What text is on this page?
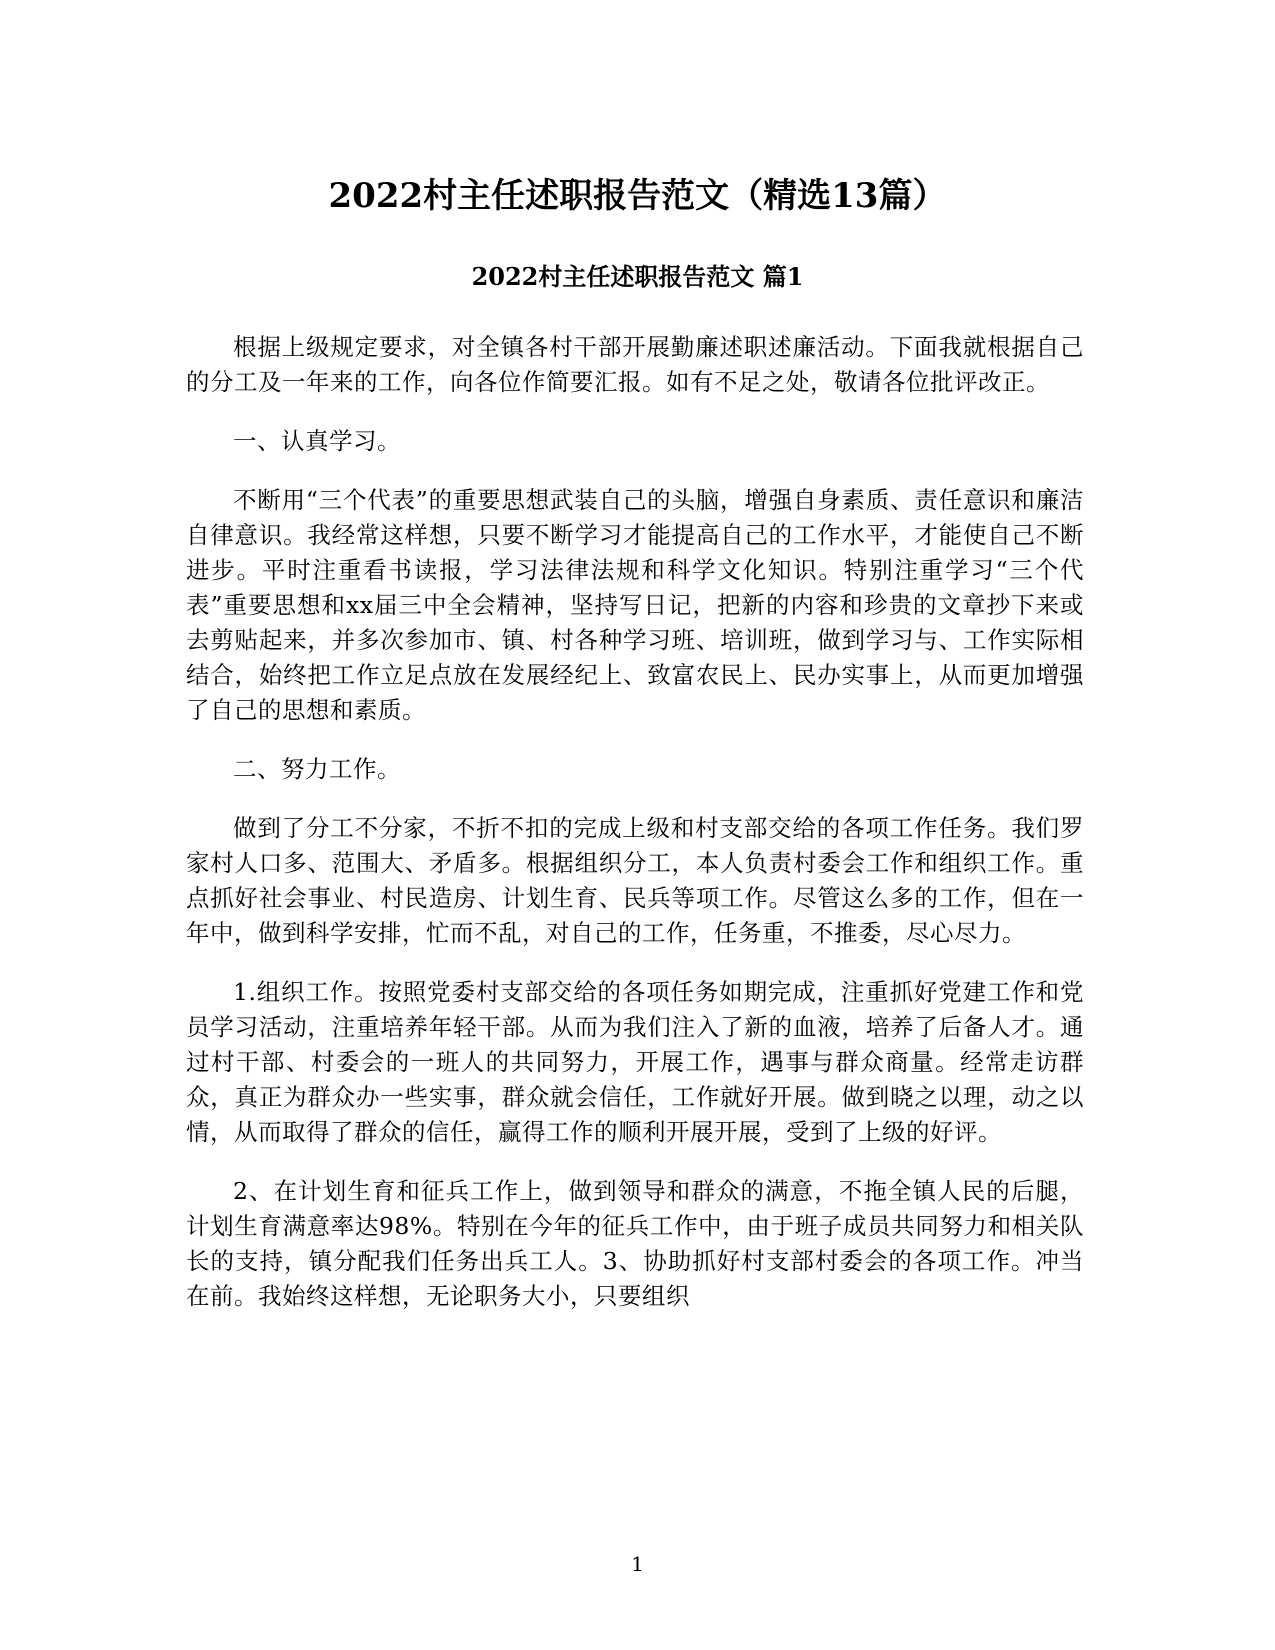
2022村主任述职报告范文（精选13篇）
2022村主任述职报告范文 篇1

根据上级规定要求，对全镇各村干部开展勤廉述职述廉活动。下面我就根据自己的分工及一年来的工作，向各位作简要汇报。如有不足之处，敬请各位批评改正。

一、认真学习。

不断用“三个代表”的重要思想武装自己的头脑，增强自身素质、责任意识和廉洁自律意识。我经常这样想，只要不断学习才能提高自己的工作水平，才能使自己不断进步。平时注重看书读报，学习法律法规和科学文化知识。特别注重学习“三个代表”重要思想和xx届三中全会精神，坚持写日记，把新的内容和珍贵的文章抄下来或去剪贴起来，并多次参加市、镇、村各种学习班、培训班，做到学习与、工作实际相结合，始终把工作立足点放在发展经纪上、致富农民上、民办实事上，从而更加增强了自己的思想和素质。

二、努力工作。

做到了分工不分家，不折不扣的完成上级和村支部交给的各项工作任务。我们罗家村人口多、范围大、矛盾多。根据组织分工，本人负责村委会工作和组织工作。重点抓好社会事业、村民造房、计划生育、民兵等项工作。尽管这么多的工作，但在一年中，做到科学安排，忙而不乱，对自己的工作，任务重，不推委，尽心尽力。

1.组织工作。按照党委村支部交给的各项任务如期完成，注重抓好党建工作和党员学习活动，注重培养年轻干部。从而为我们注入了新的血液，培养了后备人才。通过村干部、村委会的一班人的共同努力，开展工作，遇事与群众商量。经常走访群众，真正为群众办一些实事，群众就会信任，工作就好开展。做到晓之以理，动之以情，从而取得了群众的信任，赢得工作的顺利开展开展，受到了上级的好评。

2、在计划生育和征兵工作上，做到领导和群众的满意，不拖全镇人民的后腿，计划生育满意率达98%。特别在今年的征兵工作中，由于班子成员共同努力和相关队长的支持，镇分配我们任务出兵工人。3、协助抓好村支部村委会的各项工作。冲当在前。我始终这样想，无论职务大小，只要组织

1
